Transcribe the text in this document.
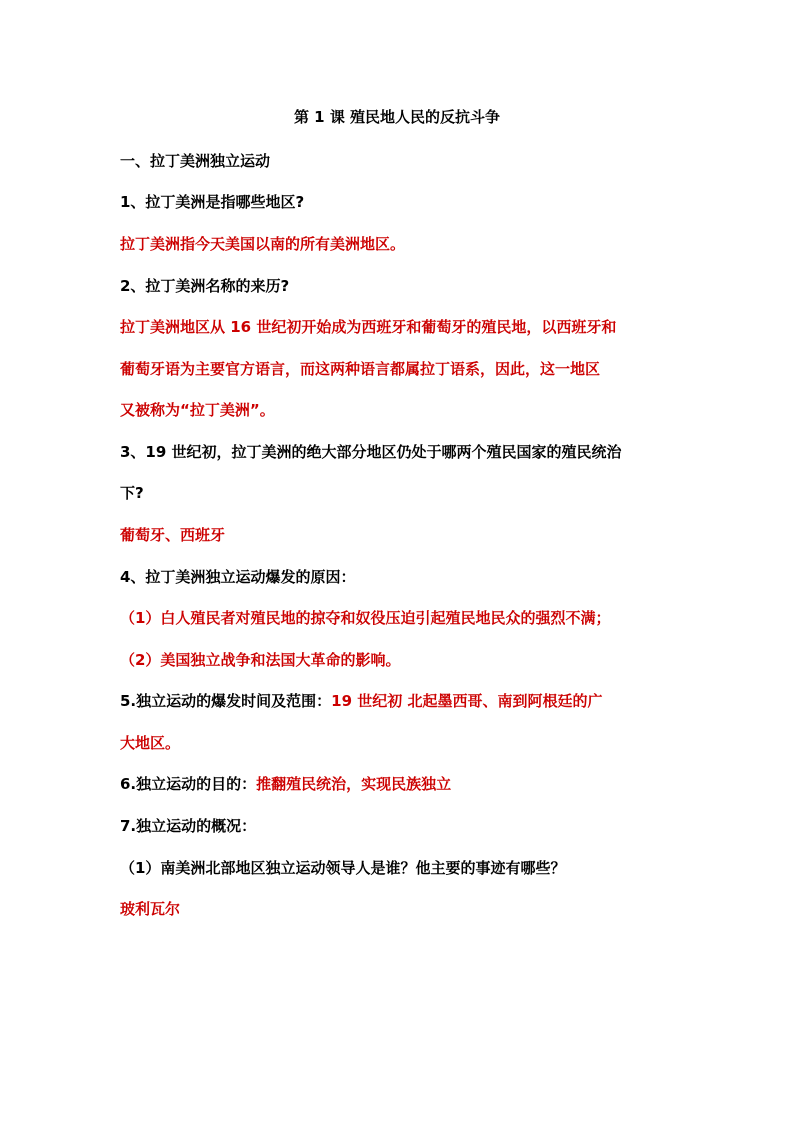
第 1 课 殖民地人民的反抗斗争
一、拉丁美洲独立运动
1、拉丁美洲是指哪些地区?
拉丁美洲指今天美国以南的所有美洲地区。
2、拉丁美洲名称的来历?
拉丁美洲地区从 16 世纪初开始成为西班牙和葡萄牙的殖民地，以西班牙和
葡萄牙语为主要官方语言，而这两种语言都属拉丁语系，因此，这一地区
又被称为“拉丁美洲”。
3、19 世纪初，拉丁美洲的绝大部分地区仍处于哪两个殖民国家的殖民统治
下?
葡萄牙、西班牙
4、拉丁美洲独立运动爆发的原因：
（1）白人殖民者对殖民地的掠夺和奴役压迫引起殖民地民众的强烈不满；
（2）美国独立战争和法国大革命的影响。
5.独立运动的爆发时间及范围：19 世纪初 北起墨西哥、南到阿根廷的广
大地区。
6.独立运动的目的：推翻殖民统治，实现民族独立
7.独立运动的概况：
（1）南美洲北部地区独立运动领导人是谁？他主要的事迹有哪些？
玻利瓦尔
